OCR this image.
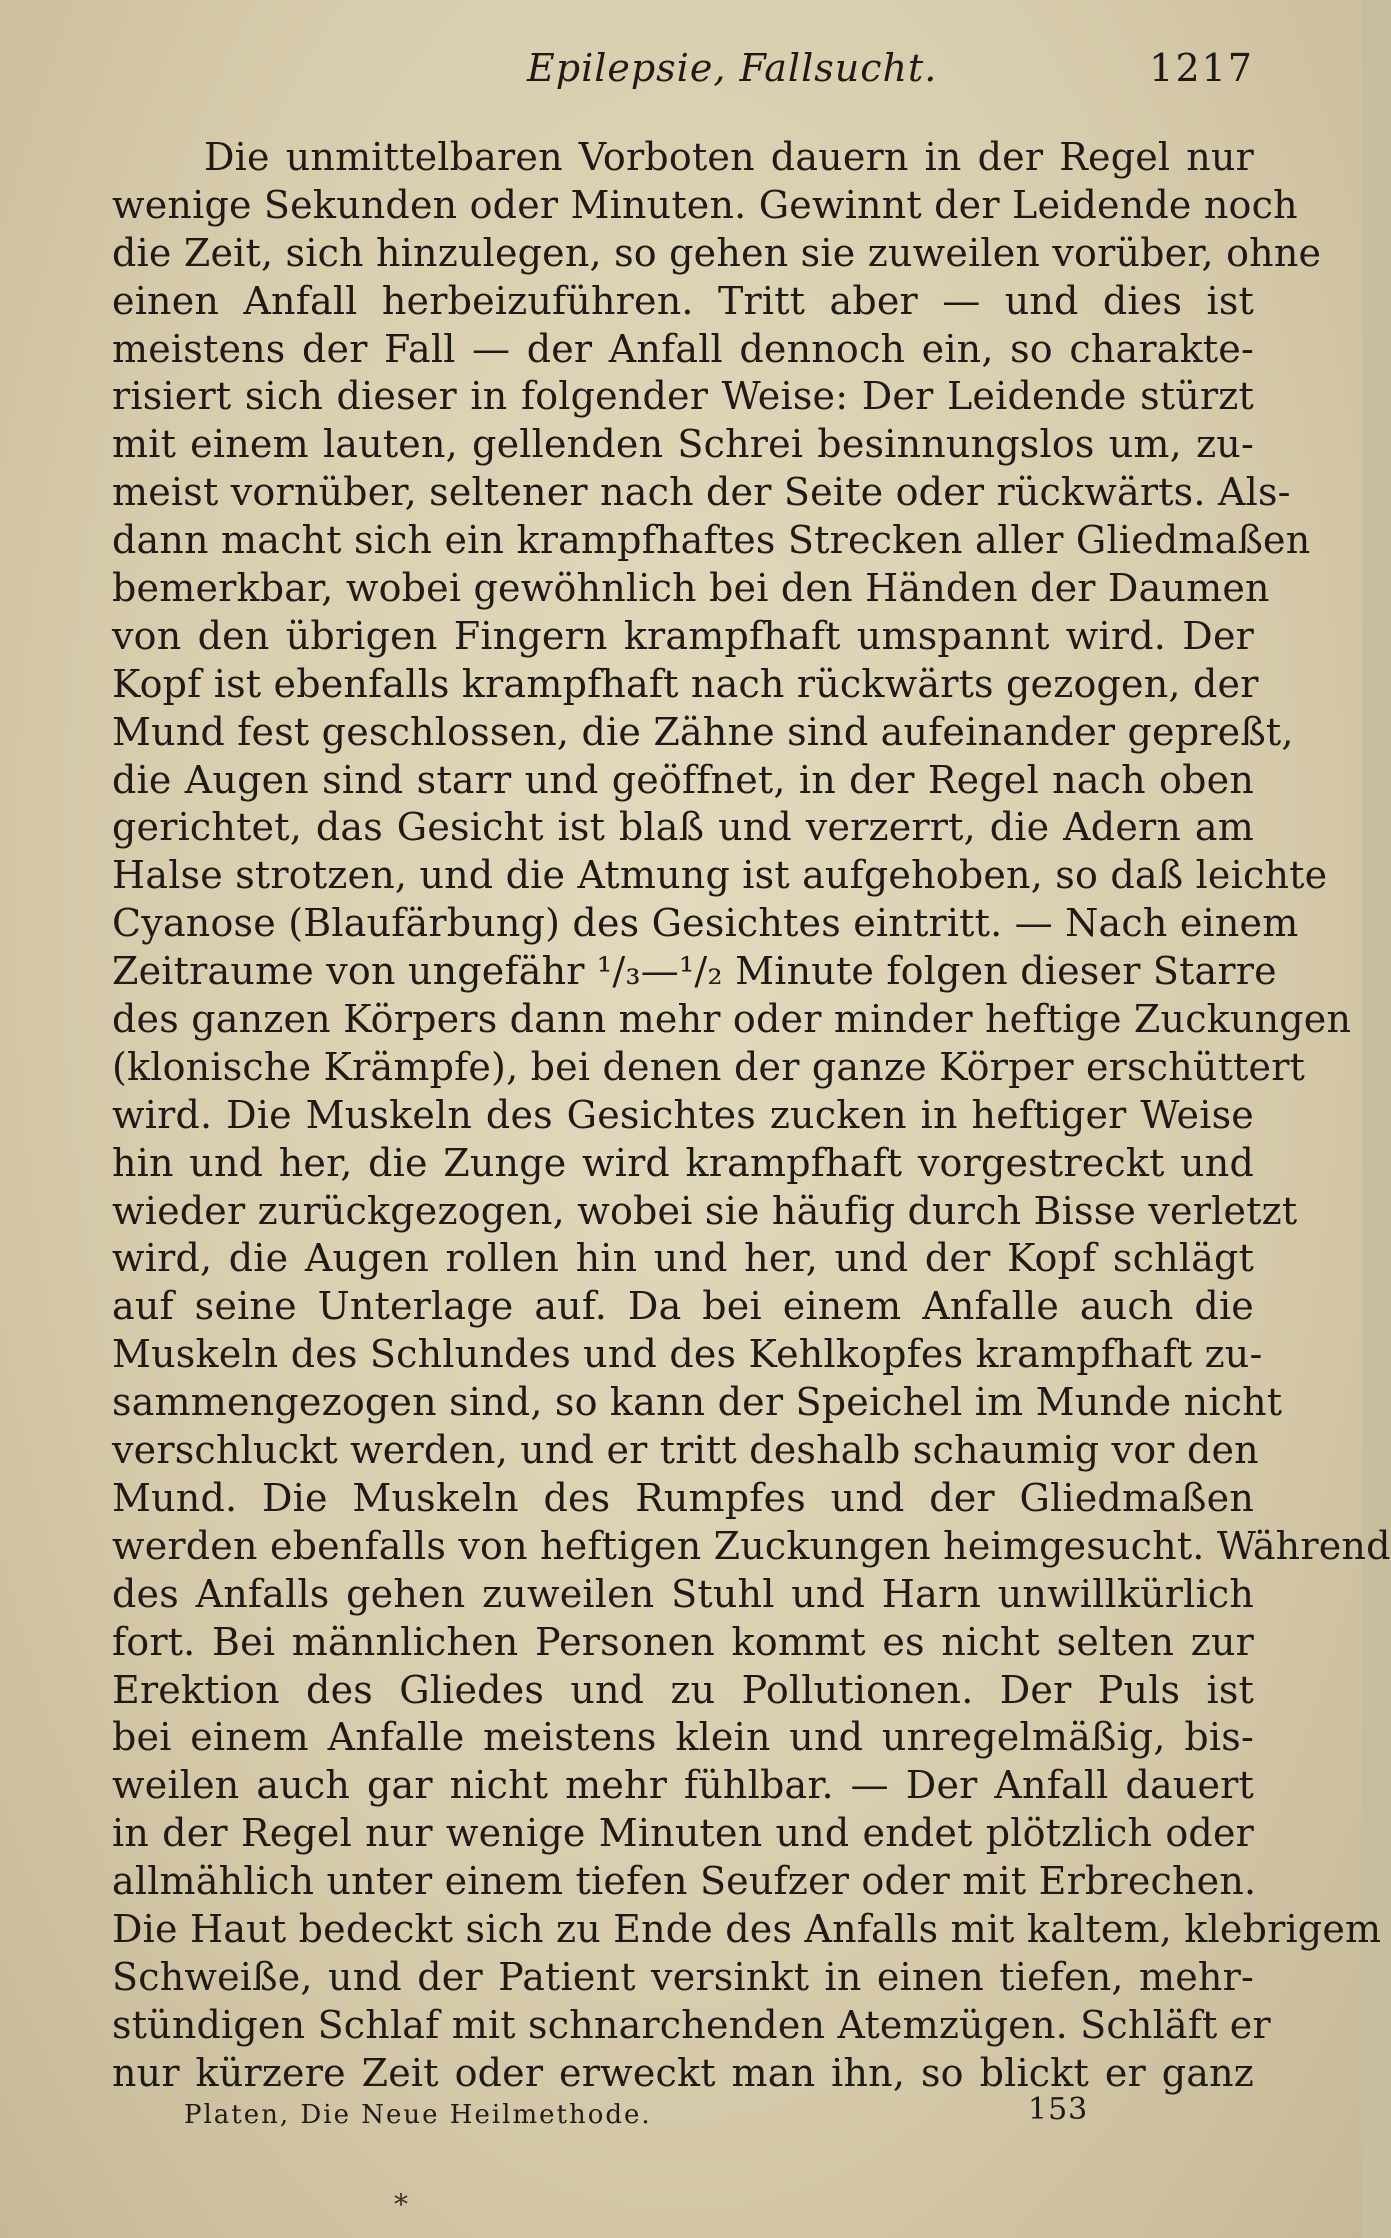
Epilepsie, Fallsucht.	1217
Die unmittelbaren Vorboten dauern in der Regel nur
wenige Sekunden oder Minuten. Gewinnt der Leidende noch
die Zeit, sich hinzulegen, so gehen sie zuweilen vorüber, ohne
einen Anfall herbeizuführen. Tritt aber — und dies ist
meistens der Fall — der Anfall dennoch ein, so charakte-
risiert sich dieser in folgender Weise: Der Leidende stürzt
mit einem lauten, gellenden Schrei besinnungslos um, zu-
meist vornüber, seltener nach der Seite oder rückwärts. Als-
dann macht sich ein krampfhaftes Strecken aller Gliedmaßen
bemerkbar, wobei gewöhnlich bei den Händen der Daumen
von den übrigen Fingern krampfhaft umspannt wird. Der
Kopf ist ebenfalls krampfhaft nach rückwärts gezogen, der
Mund fest geschlossen, die Zähne sind aufeinander gepreßt,
die Augen sind starr und geöffnet, in der Regel nach oben
gerichtet, das Gesicht ist blaß und verzerrt, die Adern am
Halse strotzen, und die Atmung ist aufgehoben, so daß leichte
Cyanose (Blaufärbung) des Gesichtes eintritt. — Nach einem
Zeitraume von ungefähr ¹/₃—¹/₂ Minute folgen dieser Starre
des ganzen Körpers dann mehr oder minder heftige Zuckungen
(klonische Krämpfe), bei denen der ganze Körper erschüttert
wird. Die Muskeln des Gesichtes zucken in heftiger Weise
hin und her, die Zunge wird krampfhaft vorgestreckt und
wieder zurückgezogen, wobei sie häufig durch Bisse verletzt
wird, die Augen rollen hin und her, und der Kopf schlägt
auf seine Unterlage auf. Da bei einem Anfalle auch die
Muskeln des Schlundes und des Kehlkopfes krampfhaft zu-
sammengezogen sind, so kann der Speichel im Munde nicht
verschluckt werden, und er tritt deshalb schaumig vor den
Mund. Die Muskeln des Rumpfes und der Gliedmaßen
werden ebenfalls von heftigen Zuckungen heimgesucht. Während
des Anfalls gehen zuweilen Stuhl und Harn unwillkürlich
fort. Bei männlichen Personen kommt es nicht selten zur
Erektion des Gliedes und zu Pollutionen. Der Puls ist
bei einem Anfalle meistens klein und unregelmäßig, bis-
weilen auch gar nicht mehr fühlbar. — Der Anfall dauert
in der Regel nur wenige Minuten und endet plötzlich oder
allmählich unter einem tiefen Seufzer oder mit Erbrechen.
Die Haut bedeckt sich zu Ende des Anfalls mit kaltem, klebrigem
Schweiße, und der Patient versinkt in einen tiefen, mehr-
stündigen Schlaf mit schnarchenden Atemzügen. Schläft er
nur kürzere Zeit oder erweckt man ihn, so blickt er ganz
Platen, Die Neue Heilmethode.	153
*
